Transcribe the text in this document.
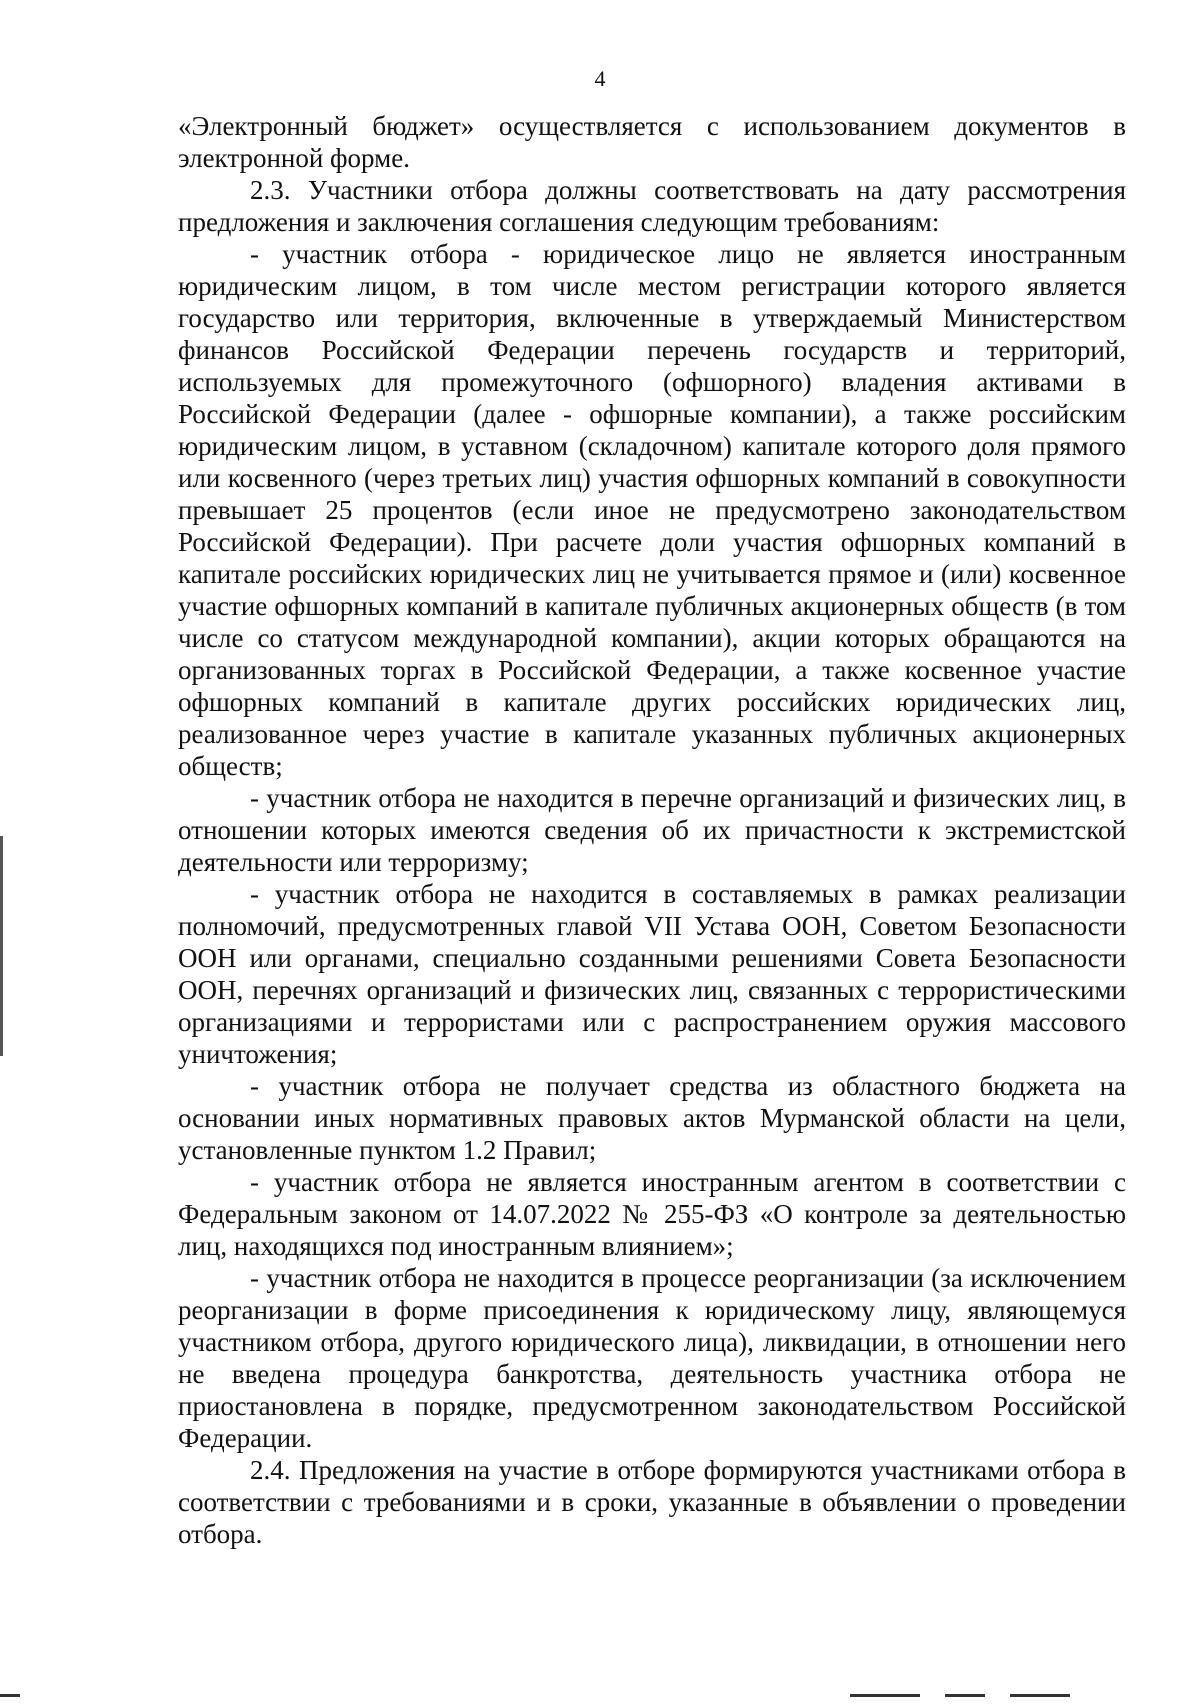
4

«Электронный бюджет» осуществляется с использованием документов в электронной форме.

2.3. Участники отбора должны соответствовать на дату рассмотрения предложения и заключения соглашения следующим требованиям:

- участник отбора - юридическое лицо не является иностранным юридическим лицом, в том числе местом регистрации которого является государство или территория, включенные в утверждаемый Министерством финансов Российской Федерации перечень государств и территорий, используемых для промежуточного (офшорного) владения активами в Российской Федерации (далее - офшорные компании), а также российским юридическим лицом, в уставном (складочном) капитале которого доля прямого или косвенного (через третьих лиц) участия офшорных компаний в совокупности превышает 25 процентов (если иное не предусмотрено законодательством Российской Федерации). При расчете доли участия офшорных компаний в капитале российских юридических лиц не учитывается прямое и (или) косвенное участие офшорных компаний в капитале публичных акционерных обществ (в том числе со статусом международной компании), акции которых обращаются на организованных торгах в Российской Федерации, а также косвенное участие офшорных компаний в капитале других российских юридических лиц, реализованное через участие в капитале указанных публичных акционерных обществ;

- участник отбора не находится в перечне организаций и физических лиц, в отношении которых имеются сведения об их причастности к экстремистской деятельности или терроризму;

- участник отбора не находится в составляемых в рамках реализации полномочий, предусмотренных главой VII Устава ООН, Советом Безопасности ООН или органами, специально созданными решениями Совета Безопасности ООН, перечнях организаций и физических лиц, связанных с террористическими организациями и террористами или с распространением оружия массового уничтожения;

- участник отбора не получает средства из областного бюджета на основании иных нормативных правовых актов Мурманской области на цели, установленные пунктом 1.2 Правил;

- участник отбора не является иностранным агентом в соответствии с Федеральным законом от 14.07.2022 № 255-ФЗ «О контроле за деятельностью лиц, находящихся под иностранным влиянием»;

- участник отбора не находится в процессе реорганизации (за исключением реорганизации в форме присоединения к юридическому лицу, являющемуся участником отбора, другого юридического лица), ликвидации, в отношении него не введена процедура банкротства, деятельность участника отбора не приостановлена в порядке, предусмотренном законодательством Российской Федерации.

2.4. Предложения на участие в отборе формируются участниками отбора в соответствии с требованиями и в сроки, указанные в объявлении о проведении отбора.
